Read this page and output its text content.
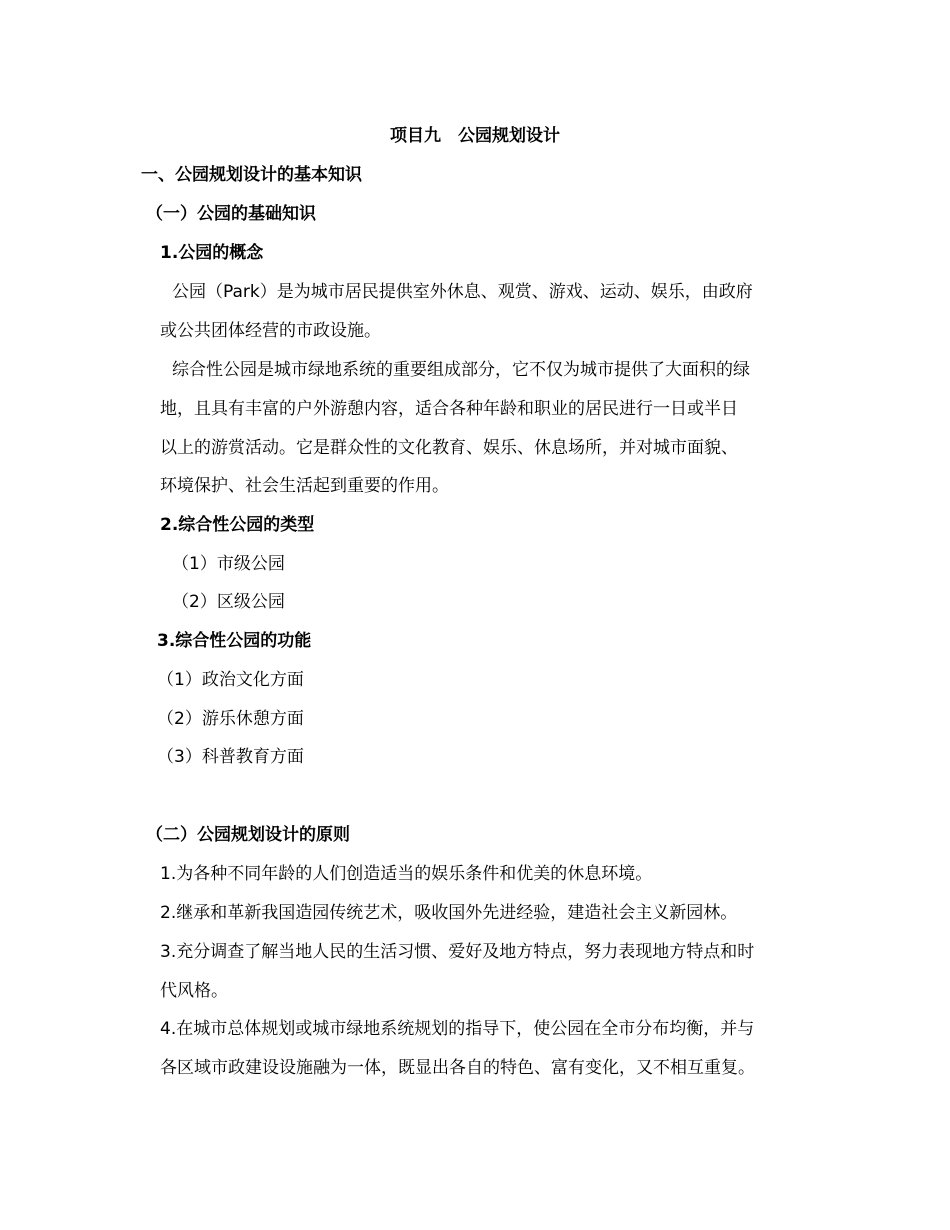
项目九　公园规划设计
一、公园规划设计的基本知识
（一）公园的基础知识
1.公园的概念
公园（Park）是为城市居民提供室外休息、观赏、游戏、运动、娱乐，由政府
或公共团体经营的市政设施。
综合性公园是城市绿地系统的重要组成部分，它不仅为城市提供了大面积的绿
地，且具有丰富的户外游憩内容，适合各种年龄和职业的居民进行一日或半日
以上的游赏活动。它是群众性的文化教育、娱乐、休息场所，并对城市面貌、
环境保护、社会生活起到重要的作用。
2.综合性公园的类型
（1）市级公园
（2）区级公园
3.综合性公园的功能
（1）政治文化方面
（2）游乐休憩方面
（3）科普教育方面
（二）公园规划设计的原则
1.为各种不同年龄的人们创造适当的娱乐条件和优美的休息环境。
2.继承和革新我国造园传统艺术，吸收国外先进经验，建造社会主义新园林。
3.充分调查了解当地人民的生活习惯、爱好及地方特点，努力表现地方特点和时
代风格。
4.在城市总体规划或城市绿地系统规划的指导下，使公园在全市分布均衡，并与
各区域市政建设设施融为一体，既显出各自的特色、富有变化，又不相互重复。
